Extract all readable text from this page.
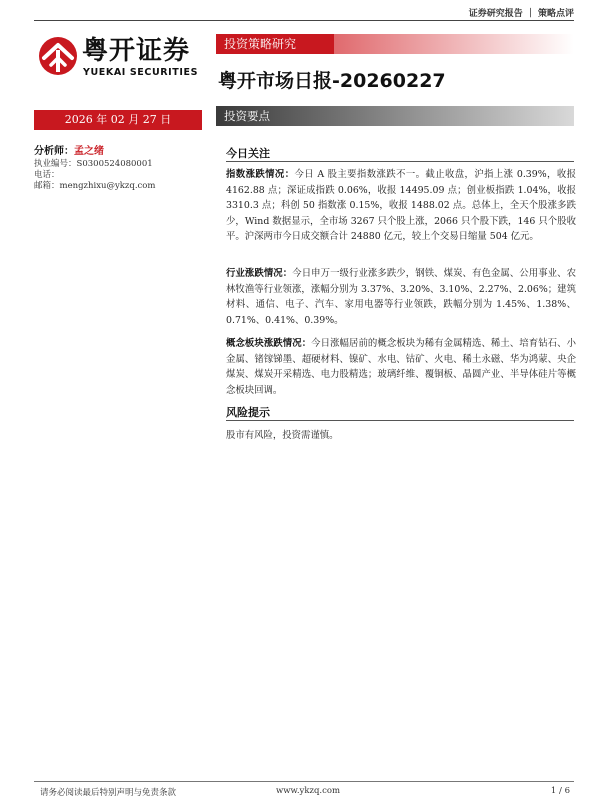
证券研究报告 ｜ 策略点评
粤开证券
YUEKAI SECURITIES
投资策略研究
粤开市场日报-20260227
2026 年 02 月 27 日	投资要点
分析师：孟之绪
执业编号：S0300524080001
电话：
邮箱：mengzhixu@ykzq.com
今日关注
指数涨跌情况：今日 A 股主要指数涨跌不一。截止收盘，沪指上涨 0.39%，收报 4162.88 点；深证成指跌 0.06%，收报 14495.09 点；创业板指跌 1.04%，收报 3310.3 点；科创 50 指数涨 0.15%，收报 1488.02 点。总体上，全天个股涨多跌少，Wind 数据显示，全市场 3267 只个股上涨，2066 只个股下跌，146 只个股收平。沪深两市今日成交额合计 24880 亿元，较上个交易日缩量 504 亿元。
行业涨跌情况：今日申万一级行业涨多跌少，钢铁、煤炭、有色金属、公用事业、农林牧渔等行业领涨，涨幅分别为 3.37%、3.20%、3.10%、2.27%、2.06%；建筑材料、通信、电子、汽车、家用电器等行业领跌，跌幅分别为 1.45%、1.38%、0.71%、0.41%、0.39%。
概念板块涨跌情况：今日涨幅居前的概念板块为稀有金属精选、稀土、培育钻石、小金属、锗镓锑墨、超硬材料、镍矿、水电、钴矿、火电、稀土永磁、华为鸿蒙、央企煤炭、煤炭开采精选、电力股精选；玻璃纤维、覆铜板、晶圆产业、半导体硅片等概念板块回调。
风险提示
股市有风险，投资需谨慎。
请务必阅读最后特别声明与免责条款	www.ykzq.com	1 / 6
